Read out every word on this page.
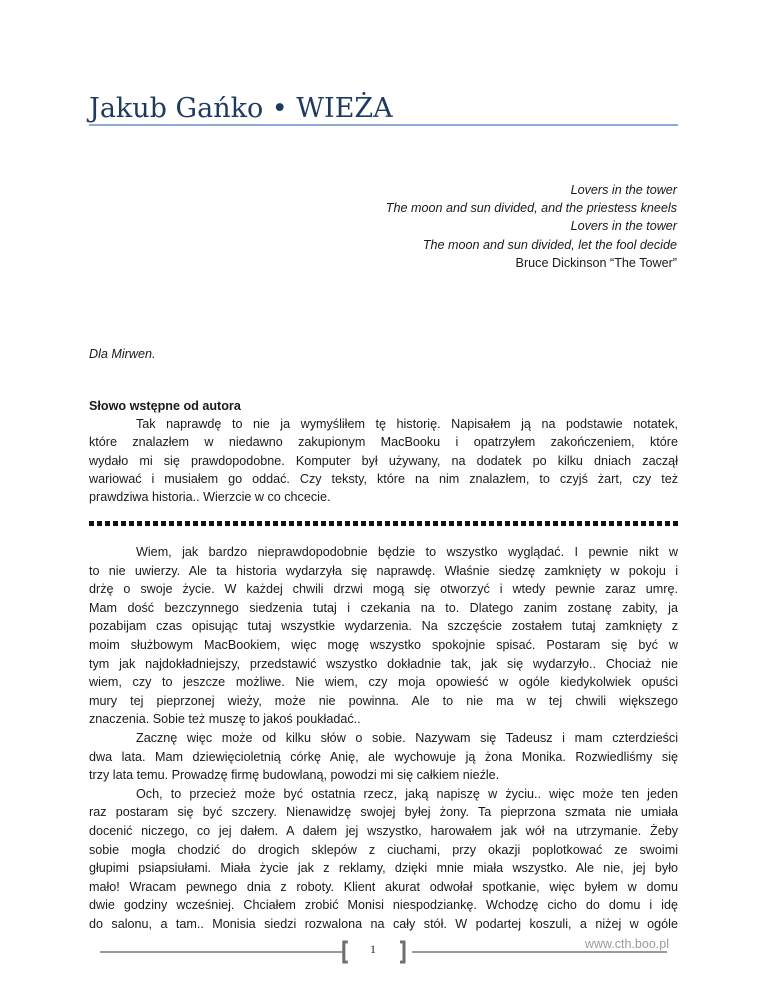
Jakub Gańko • WIEŻA
Lovers in the tower
The moon and sun divided, and the priestess kneels
Lovers in the tower
The moon and sun divided, let the fool decide
Bruce Dickinson “The Tower”
Dla Mirwen.
Słowo wstępne od autora
Tak naprawdę to nie ja wymyśliłem tę historię. Napisałem ją na podstawie notatek,
które znalazłem w niedawno zakupionym MacBooku i opatrzyłem zakończeniem, które
wydało mi się prawdopodobne. Komputer był używany, na dodatek po kilku dniach zaczął
wariować i musiałem go oddać. Czy teksty, które na nim znalazłem, to czyjś żart, czy też
prawdziwa historia.. Wierzcie w co chcecie.
Wiem, jak bardzo nieprawdopodobnie będzie to wszystko wyglądać. I pewnie nikt w
to nie uwierzy. Ale ta historia wydarzyła się naprawdę. Właśnie siedzę zamknięty w pokoju i
drżę o swoje życie. W każdej chwili drzwi mogą się otworzyć i wtedy pewnie zaraz umrę.
Mam dość bezczynnego siedzenia tutaj i czekania na to. Dlatego zanim zostanę zabity, ja
pozabijam czas opisując tutaj wszystkie wydarzenia. Na szczęście zostałem tutaj zamknięty z
moim służbowym MacBookiem, więc mogę wszystko spokojnie spisać. Postaram się być w
tym jak najdokładniejszy, przedstawić wszystko dokładnie tak, jak się wydarzyło.. Chociaż nie
wiem, czy to jeszcze możliwe. Nie wiem, czy moja opowieść w ogóle kiedykolwiek opuści
mury tej pieprzonej wieży, może nie powinna. Ale to nie ma w tej chwili większego
znaczenia. Sobie też muszę to jakoś poukładać..
Zacznę więc może od kilku słów o sobie. Nazywam się Tadeusz i mam czterdzieści
dwa lata. Mam dziewięcioletnią córkę Anię, ale wychowuje ją żona Monika. Rozwiedliśmy się
trzy lata temu. Prowadzę firmę budowlaną, powodzi mi się całkiem nieźle.
Och, to przecież może być ostatnia rzecz, jaką napiszę w życiu.. więc może ten jeden
raz postaram się być szczery. Nienawidzę swojej byłej żony. Ta pieprzona szmata nie umiała
docenić niczego, co jej dałem. A dałem jej wszystko, harowałem jak wół na utrzymanie. Żeby
sobie mogła chodzić do drogich sklepów z ciuchami, przy okazji poplotkować ze swoimi
głupimi psiapsiułami. Miała życie jak z reklamy, dzięki mnie miała wszystko. Ale nie, jej było
mało! Wracam pewnego dnia z roboty. Klient akurat odwołał spotkanie, więc byłem w domu
dwie godziny wcześniej. Chciałem zrobić Monisi niespodziankę. Wchodzę cicho do domu i idę
do salonu, a tam.. Monisia siedzi rozwalona na cały stół. W podartej koszuli, a niżej w ogóle
[ 1 ]	www.cth.boo.pl
